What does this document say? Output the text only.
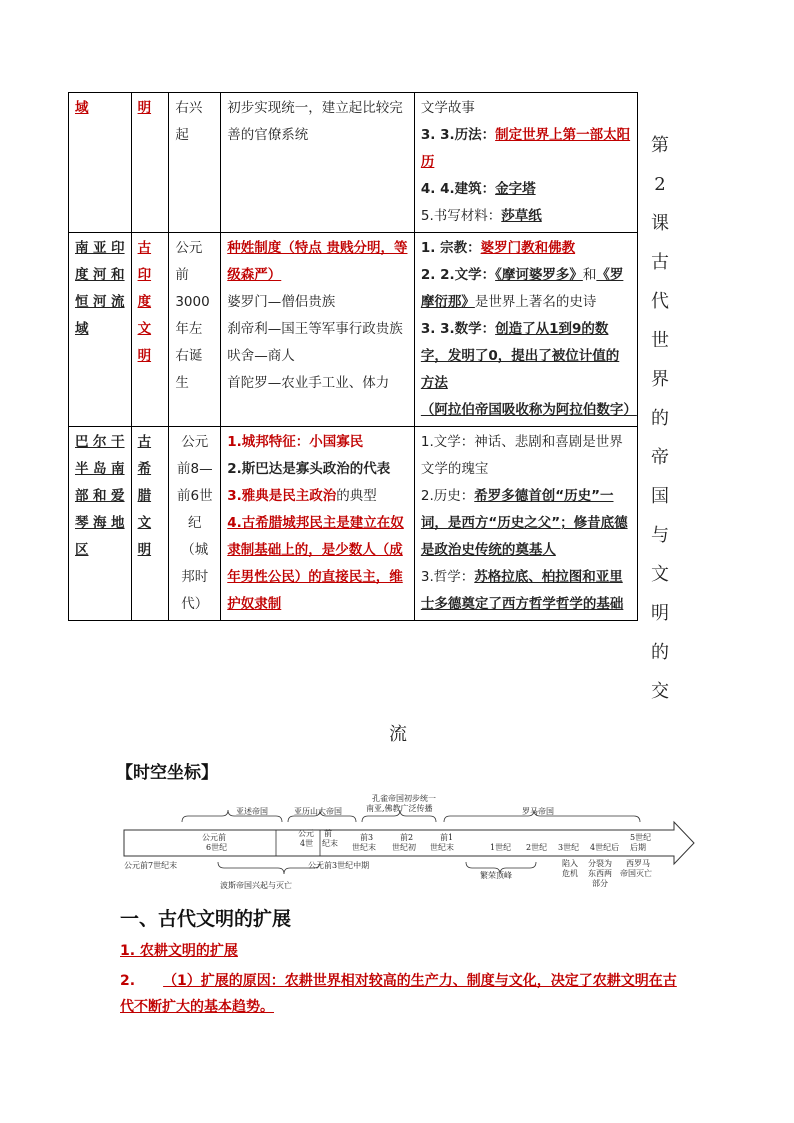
域	明	右兴起	初步实现统一，建立起比较完善的官僚系统	文学故事
3. 3.历法：制定世界上第一部太阳历
4. 4.建筑：金字塔
5.书写材料：莎草纸

南亚印度河和恒河流域	古印度文明	公元前3000年左右诞生	种姓制度（特点 贵贱分明，等级森严）
婆罗门—僧侣贵族
刹帝利—国王等军事行政贵族
吠舍—商人
首陀罗—农业手工业、体力	1. 宗教：婆罗门教和佛教
2. 2.文学：《摩诃婆罗多》和《罗摩衍那》是世界上著名的史诗
3. 3.数学：创造了从1到9的数字，发明了0，提出了被位计值的方法
（阿拉伯帝国吸收称为阿拉伯数字）

巴尔干半岛南部和爱琴海地区	古希腊文明	公元前8—前6世纪（城邦时代）	1.城邦特征：小国寡民
2.斯巴达是寡头政治的代表
3.雅典是民主政治的典型
4.古希腊城邦民主是建立在奴隶制基础上的，是少数人（成年男性公民）的直接民主，维护奴隶制	1.文学：神话、悲剧和喜剧是世界文学的瑰宝
2.历史：希罗多德首创“历史”一词，是西方“历史之父”；修昔底德是政治史传统的奠基人
3.哲学：苏格拉底、柏拉图和亚里士多德奠定了西方哲学哲学的基础
第
2
课
古
代
世
界
的
帝
国
与
文
明
的
交
流
【时空坐标】
亚述帝国	亚历山大帝国
孔雀帝国初步统一
南亚,佛教广泛传播	罗马帝国
公元前
6世纪
公元
4世
前
纪末
前3
世纪末
前2
世纪初
前1
世纪末	1世纪 2世纪 3世纪 4世纪后
5世纪
后期
公元前7世纪末	公元前3世纪中期
波斯帝国兴起与灭亡
繁荣顶峰
陷入
危机
分裂为
东西两
部分
西罗马
帝国灭亡
一、古代文明的扩展
1. 农耕文明的扩展
2. （1）扩展的原因：农耕世界相对较高的生产力、制度与文化，决定了农耕文明在古代不断扩大的基本趋势。
